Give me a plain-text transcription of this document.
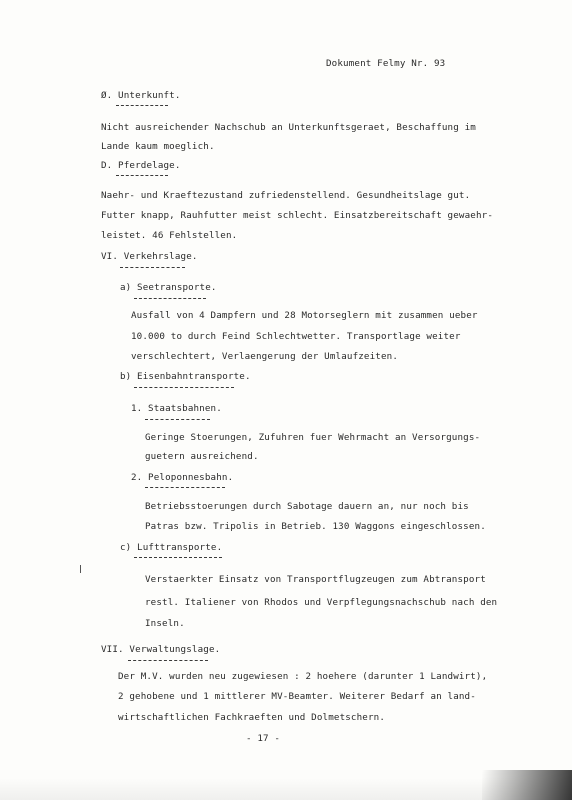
Dokument Felmy Nr. 93

Ø. Unterkunft.

Nicht ausreichender Nachschub an Unterkunftsgeraet, Beschaffung im

Lande kaum moeglich.

D. Pferdelage.

Naehr- und Kraeftezustand zufriedenstellend. Gesundheitslage gut.

Futter knapp, Rauhfutter meist schlecht. Einsatzbereitschaft gewaehr-

leistet. 46 Fehlstellen.

VI. Verkehrslage.

a) Seetransporte.

Ausfall von 4 Dampfern und 28 Motorseglern mit zusammen ueber

10.000 to durch Feind Schlechtwetter. Transportlage weiter

verschlechtert, Verlaengerung der Umlaufzeiten.

b) Eisenbahntransporte.

1. Staatsbahnen.

Geringe Stoerungen, Zufuhren fuer Wehrmacht an Versorgungs-

guetern ausreichend.

2. Peloponnesbahn.

Betriebsstoerungen durch Sabotage dauern an, nur noch bis

Patras bzw. Tripolis in Betrieb. 130 Waggons eingeschlossen.

c) Lufttransporte.

Verstaerkter Einsatz von Transportflugzeugen zum Abtransport

restl. Italiener von Rhodos und Verpflegungsnachschub nach den

Inseln.

VII. Verwaltungslage.

Der M.V. wurden neu zugewiesen : 2 hoehere (darunter 1 Landwirt),

2 gehobene und 1 mittlerer MV-Beamter. Weiterer Bedarf an land-

wirtschaftlichen Fachkraeften und Dolmetschern.

- 17 -
